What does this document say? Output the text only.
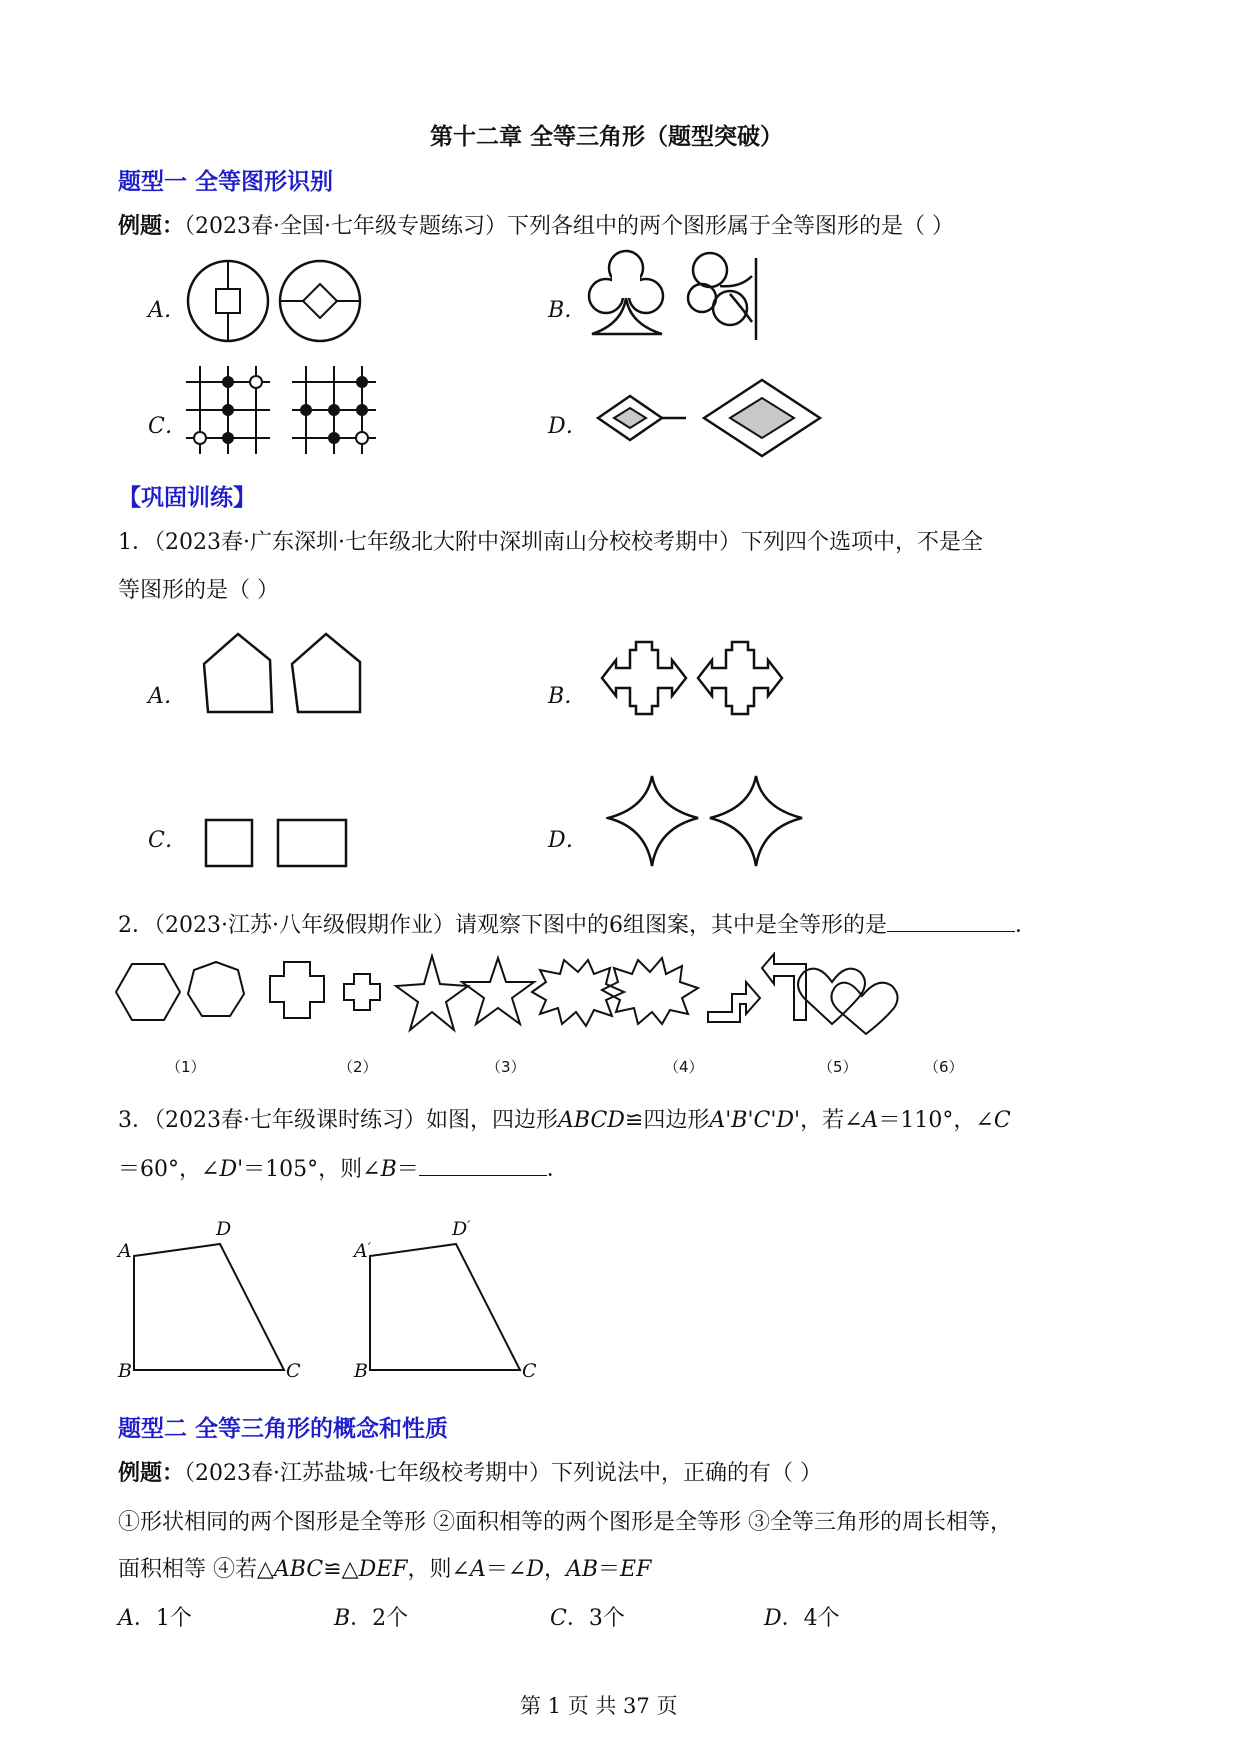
第十二章 全等三角形（题型突破）
题型一 全等图形识别
例题：（2023春·全国·七年级专题练习）下列各组中的两个图形属于全等图形的是（ ）
A．	B．
C．	D．
【巩固训练】
1．（2023春·广东深圳·七年级北大附中深圳南山分校校考期中）下列四个选项中，不是全
等图形的是（ ）
A．	B．
C．	D．
2．（2023·江苏·八年级假期作业）请观察下图中的6组图案，其中是全等形的是	．
（1）	（2）	（3）	（4）	（5）	（6）
3．（2023春·七年级课时练习）如图，四边形ABCD≌四边形A'B'C'D'，若∠A＝110°，∠C
＝60°，∠D'＝105°，则∠B＝	．
A
D
B	C
A′
D′
B	C
题型二 全等三角形的概念和性质
例题：（2023春·江苏盐城·七年级校考期中）下列说法中，正确的有（ ）
①形状相同的两个图形是全等形 ②面积相等的两个图形是全等形 ③全等三角形的周长相等，
面积相等 ④若△ABC≌△DEF，则∠A＝∠D，AB＝EF
A．1个	B．2个	C．3个	D．4个
第 1 页 共 37 页
